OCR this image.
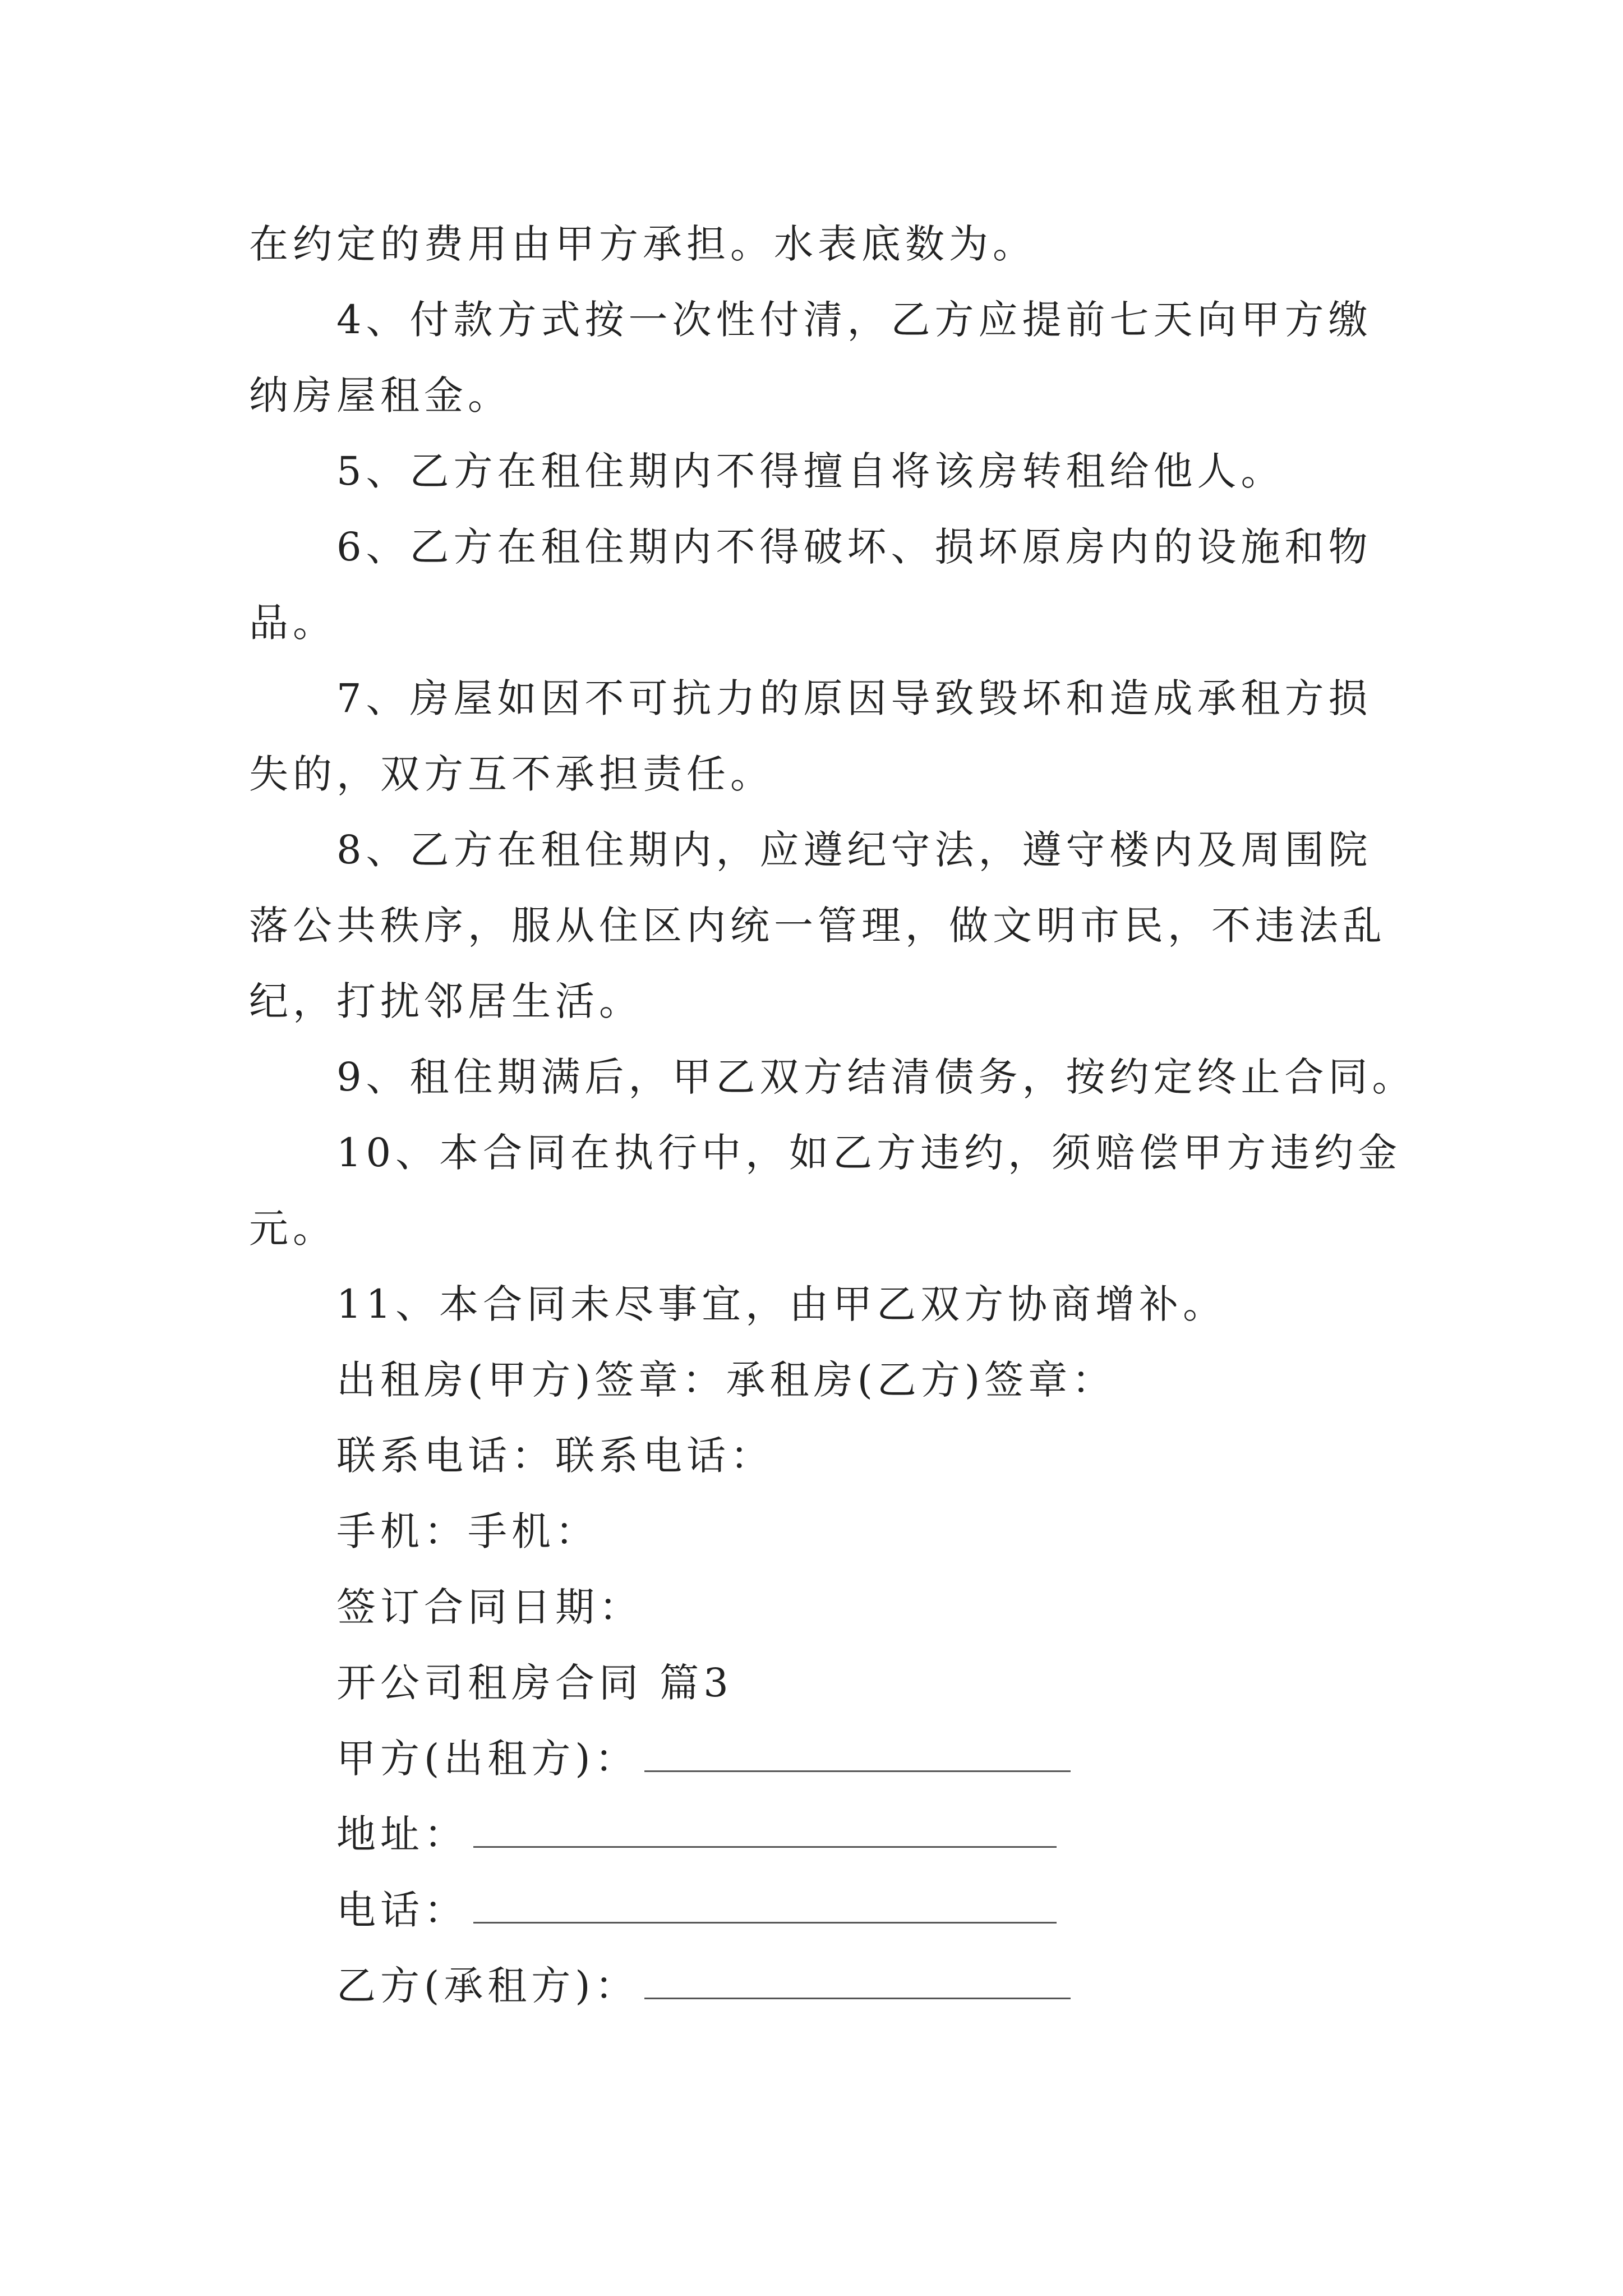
在约定的费用由甲方承担。水表底数为。
4、付款方式按一次性付清，乙方应提前七天向甲方缴
纳房屋租金。
5、乙方在租住期内不得擅自将该房转租给他人。
6、乙方在租住期内不得破坏、损坏原房内的设施和物
品。
7、房屋如因不可抗力的原因导致毁坏和造成承租方损
失的，双方互不承担责任。
8、乙方在租住期内，应遵纪守法，遵守楼内及周围院
落公共秩序，服从住区内统一管理，做文明市民，不违法乱
纪，打扰邻居生活。
9、租住期满后，甲乙双方结清债务，按约定终止合同。
10、本合同在执行中，如乙方违约，须赔偿甲方违约金
元。
11、本合同未尽事宜，由甲乙双方协商增补。
出租房(甲方)签章：承租房(乙方)签章：
联系电话：联系电话：
手机：手机：
签订合同日期：
开公司租房合同 篇3
甲方(出租方)：
地址：
电话：
乙方(承租方)：
